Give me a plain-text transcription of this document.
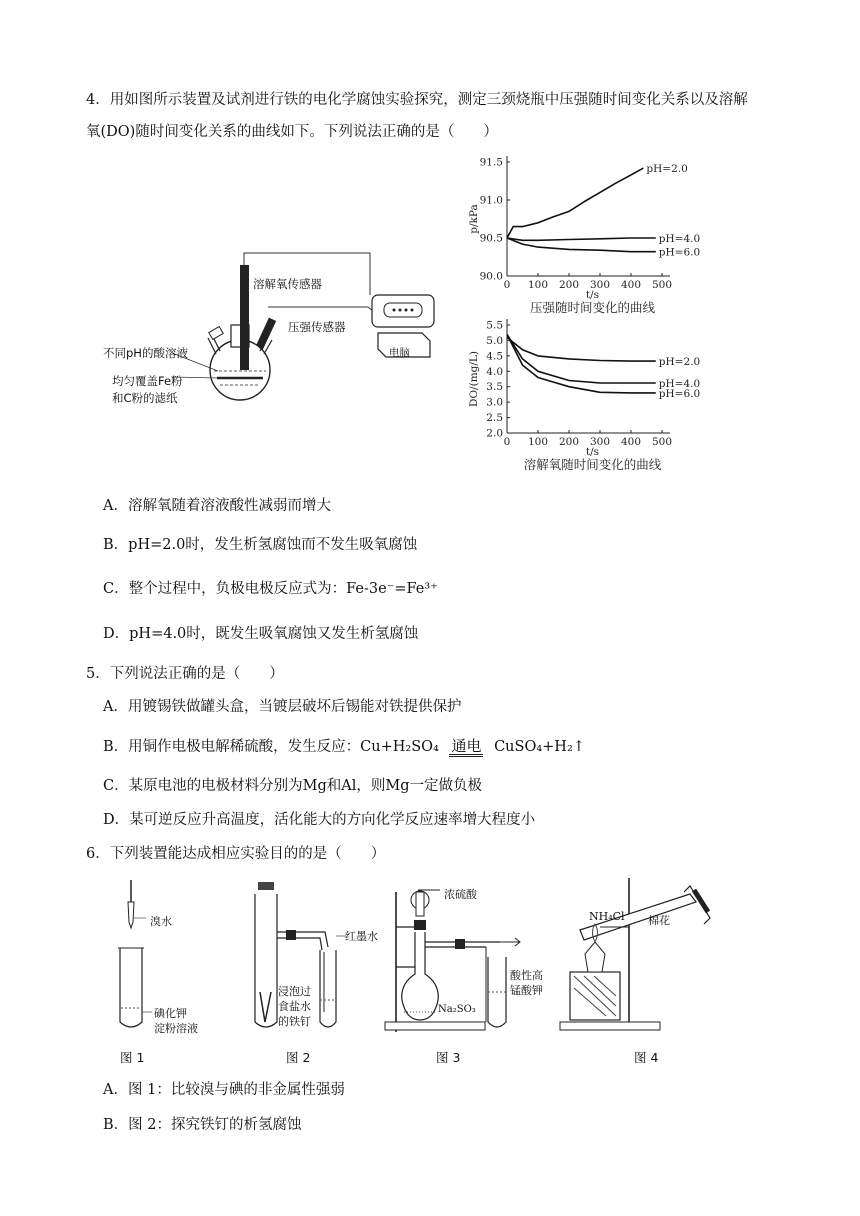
4．用如图所示装置及试剂进行铁的电化学腐蚀实验探究，测定三颈烧瓶中压强随时间变化关系以及溶解
氧(DO)随时间变化关系的曲线如下。下列说法正确的是（　　）
溶解氧传感器
压强传感器
不同pH的酸溶液
均匀覆盖Fe粉
和C粉的滤纸
电脑
0 100 200 300 400 500
90.0
90.5
91.0
91.5
t/s
p/kPa
压强随时间变化的曲线
pH=2.0
pH=4.0
pH=6.0
0 100 200 300 400 500
2.0
2.5
3.0
3.5
4.0
4.5
5.0
5.5
t/s
DO/(mg/L)
溶解氧随时间变化的曲线
pH=2.0
pH=4.0
pH=6.0
A．溶解氧随着溶液酸性减弱而增大
B．pH=2.0时，发生析氢腐蚀而不发生吸氧腐蚀
C．整个过程中，负极电极反应式为：Fe-3e⁻=Fe³⁺
D．pH=4.0时，既发生吸氧腐蚀又发生析氢腐蚀
5．下列说法正确的是（　　）
A．用镀锡铁做罐头盒，当镀层破坏后锡能对铁提供保护
B．用铜作电极电解稀硫酸，发生反应：Cu+H₂SO₄ 通电 CuSO₄+H₂↑
C．某原电池的电极材料分别为Mg和Al，则Mg一定做负极
D．某可逆反应升高温度，活化能大的方向化学反应速率增大程度小
6．下列装置能达成相应实验目的的是（　　）
溴水
碘化钾
淀粉溶液
浸泡过
食盐水
的铁钉
红墨水
浓硫酸
酸性高
锰酸钾
Na₂SO₃
NH₄Cl 棉花
图 1	图 2	图 3	图 4
A．图 1：比较溴与碘的非金属性强弱
B．图 2：探究铁钉的析氢腐蚀
